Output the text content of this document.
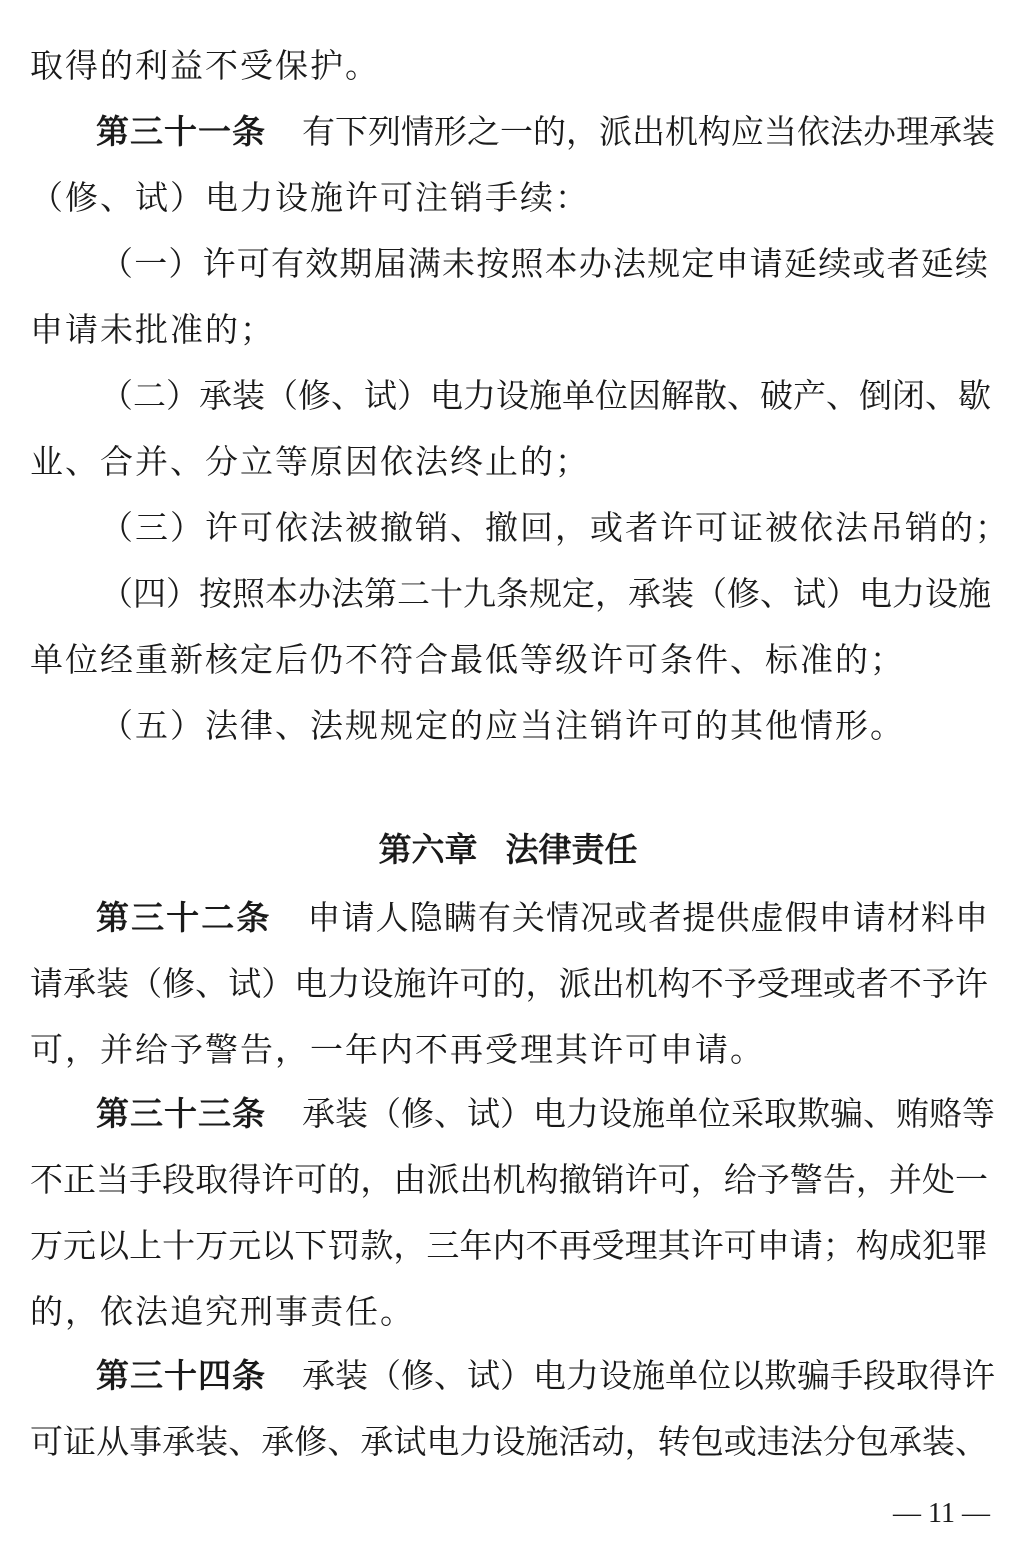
取得的利益不受保护。
第三十一条 有下列情形之一的，派出机构应当依法办理承装
（修、试）电力设施许可注销手续：
（一）许可有效期届满未按照本办法规定申请延续或者延续
申请未批准的；
（二）承装（修、试）电力设施单位因解散、破产、倒闭、歇
业、合并、分立等原因依法终止的；
（三）许可依法被撤销、撤回，或者许可证被依法吊销的；
（四）按照本办法第二十九条规定，承装（修、试）电力设施
单位经重新核定后仍不符合最低等级许可条件、标准的；
（五）法律、法规规定的应当注销许可的其他情形。
第六章 法律责任
第三十二条 申请人隐瞒有关情况或者提供虚假申请材料申
请承装（修、试）电力设施许可的，派出机构不予受理或者不予许
可，并给予警告，一年内不再受理其许可申请。
第三十三条 承装（修、试）电力设施单位采取欺骗、贿赂等
不正当手段取得许可的，由派出机构撤销许可，给予警告，并处一
万元以上十万元以下罚款，三年内不再受理其许可申请；构成犯罪
的，依法追究刑事责任。
第三十四条 承装（修、试）电力设施单位以欺骗手段取得许
可证从事承装、承修、承试电力设施活动，转包或违法分包承装、
— 11 —
